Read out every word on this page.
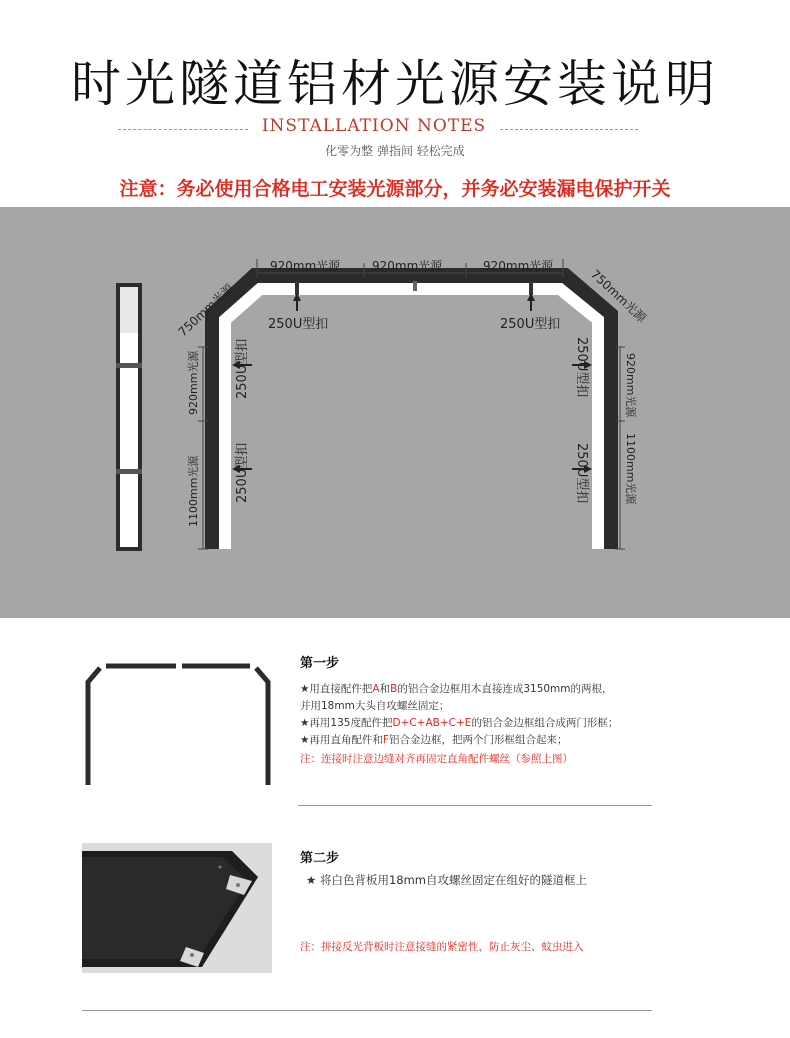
时光隧道铝材光源安装说明
INSTALLATION NOTES
化零为整 弹指间 轻松完成
注意：务必使用合格电工安装光源部分，并务必安装漏电保护开关
920mm光源	920mm光源	920mm光源
750mm光源	750mm光源
250U型扣	250U型扣
250U型扣
250U型扣
250U型扣
250U型扣
920mm光源
1100mm光源
920mm光源
1100mm光源
第一步
★用直接配件把A和B的铝合金边框用木直接连成3150mm的两根，
并用18mm大头自攻螺丝固定；
★再用135度配件把D+C+AB+C+E的铝合金边框组合成两门形框；
★再用直角配件和F铝合金边框，把两个门形框组合起来；
注：连接时注意边缝对齐再固定直角配件螺丝（参照上图）
第二步
★ 将白色背板用18mm自攻螺丝固定在组好的隧道框上
注：拼接反光背板时注意接缝的紧密性，防止灰尘、蚊虫进入
